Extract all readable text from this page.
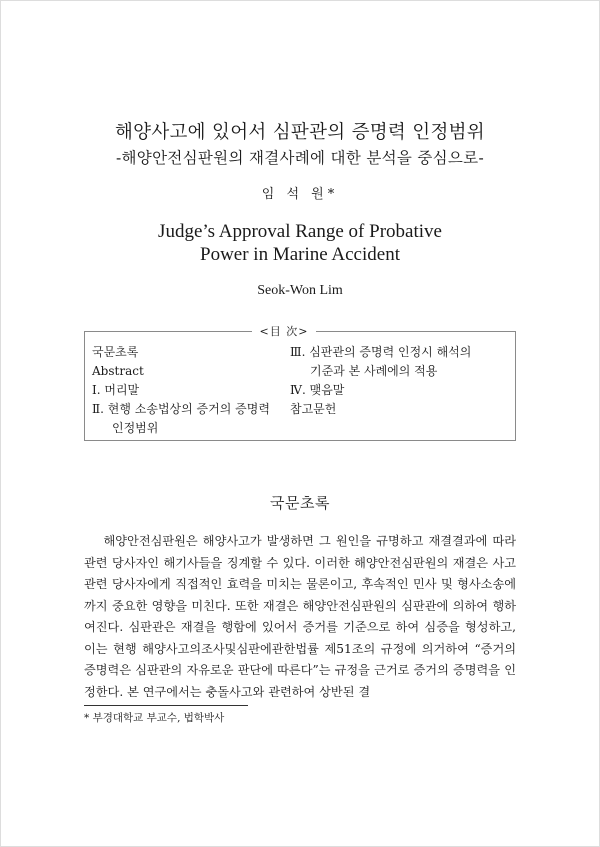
해양사고에 있어서 심판관의 증명력 인정범위
-해양안전심판원의 재결사례에 대한 분석을 중심으로-
임 석 원*
Judge’s Approval Range of Probative
Power in Marine Accident
Seok-Won Lim
<目 次>
국문초록
Abstract
Ⅰ. 머리말
Ⅱ. 현행 소송법상의 증거의 증명력
인정범위
Ⅲ. 심판관의 증명력 인정시 해석의
기준과 본 사례에의 적용
Ⅳ. 맺음말
참고문헌
국문초록

해양안전심판원은 해양사고가 발생하면 그 원인을 규명하고 재결결과에 따라 관련 당사자인 해기사들을 징계할 수 있다. 이러한 해양안전심판원의 재결은 사고관련 당사자에게 직접적인 효력을 미치는 물론이고, 후속적인 민사 및 형사소송에까지 중요한 영향을 미친다. 또한 재결은 해양안전심판원의 심판관에 의하여 행하여진다. 심판관은 재결을 행함에 있어서 증거를 기준으로 하여 심증을 형성하고, 이는 현행 해양사고의조사및심판에관한법률 제51조의 규정에 의거하여 “증거의 증명력은 심판관의 자유로운 판단에 따른다”는 규정을 근거로 증거의 증명력을 인정한다. 본 연구에서는 충돌사고와 관련하여 상반된 결

* 부경대학교 부교수, 법학박사
